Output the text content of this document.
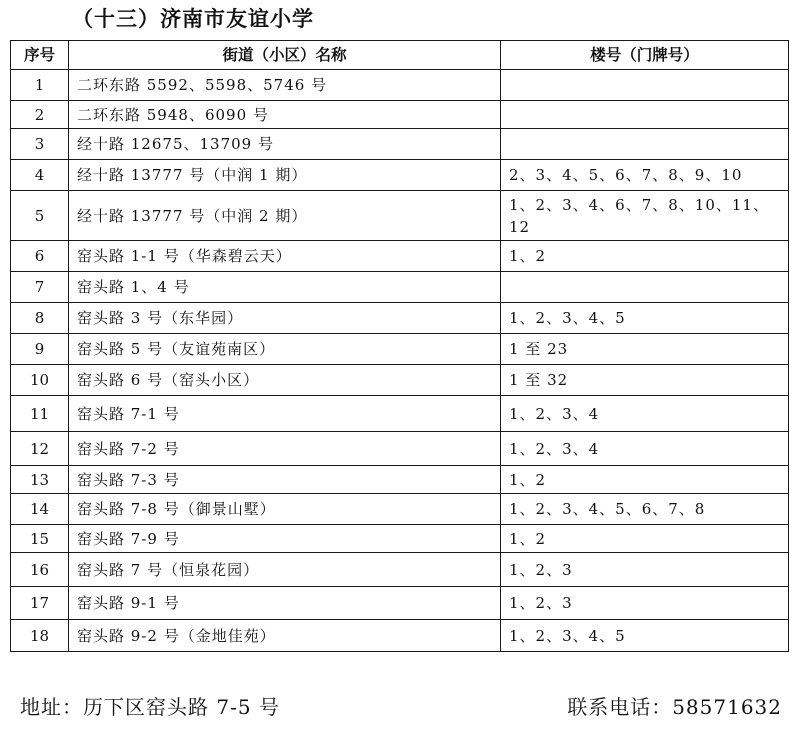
（十三）济南市友谊小学
序号	街道（小区）名称	楼号（门牌号）
1	二环东路 5592、5598、5746 号	
2	二环东路 5948、6090 号	
3	经十路 12675、13709 号	
4	经十路 13777 号（中润 1 期）	2、3、4、5、6、7、8、9、10
5	经十路 13777 号（中润 2 期）	1、2、3、4、6、7、8、10、11、12
6	窑头路 1-1 号（华森碧云天）	1、2
7	窑头路 1、4 号	
8	窑头路 3 号（东华园）	1、2、3、4、5
9	窑头路 5 号（友谊苑南区）	1 至 23
10	窑头路 6 号（窑头小区）	1 至 32
11	窑头路 7-1 号	1、2、3、4
12	窑头路 7-2 号	1、2、3、4
13	窑头路 7-3 号	1、2
14	窑头路 7-8 号（御景山墅）	1、2、3、4、5、6、7、8
15	窑头路 7-9 号	1、2
16	窑头路 7 号（恒泉花园）	1、2、3
17	窑头路 9-1 号	1、2、3
18	窑头路 9-2 号（金地佳苑）	1、2、3、4、5
地址：历下区窑头路 7-5 号	联系电话：58571632
